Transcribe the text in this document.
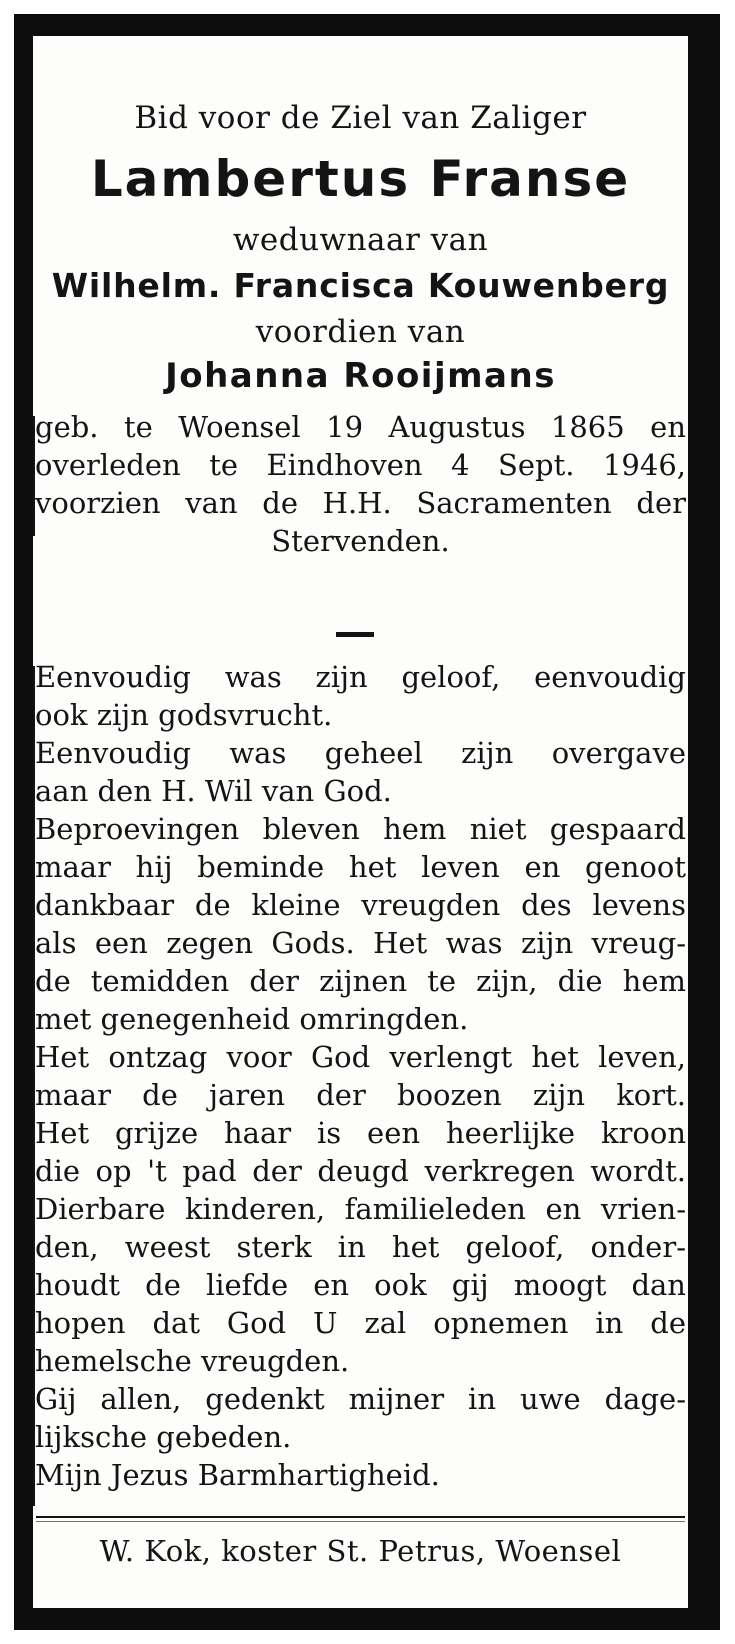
Bid voor de Ziel van Zaliger
Lambertus Franse
weduwnaar van
Wilhelm. Francisca Kouwenberg
voordien van
Johanna Rooijmans
geb. te Woensel 19 Augustus 1865 en
overleden te Eindhoven 4 Sept. 1946,
voorzien van de H.H. Sacramenten der
Stervenden.
Eenvoudig was zijn geloof, eenvoudig
ook zijn godsvrucht.
Eenvoudig was geheel zijn overgave
aan den H. Wil van God.
Beproevingen bleven hem niet gespaard
maar hij beminde het leven en genoot
dankbaar de kleine vreugden des levens
als een zegen Gods. Het was zijn vreug-
de temidden der zijnen te zijn, die hem
met genegenheid omringden.
Het ontzag voor God verlengt het leven,
maar de jaren der boozen zijn kort.
Het grijze haar is een heerlijke kroon
die op 't pad der deugd verkregen wordt.
Dierbare kinderen, familieleden en vrien-
den, weest sterk in het geloof, onder-
houdt de liefde en ook gij moogt dan
hopen dat God U zal opnemen in de
hemelsche vreugden.
Gij allen, gedenkt mijner in uwe dage-
lijksche gebeden.
Mijn Jezus Barmhartigheid.
W. Kok, koster St. Petrus, Woensel
